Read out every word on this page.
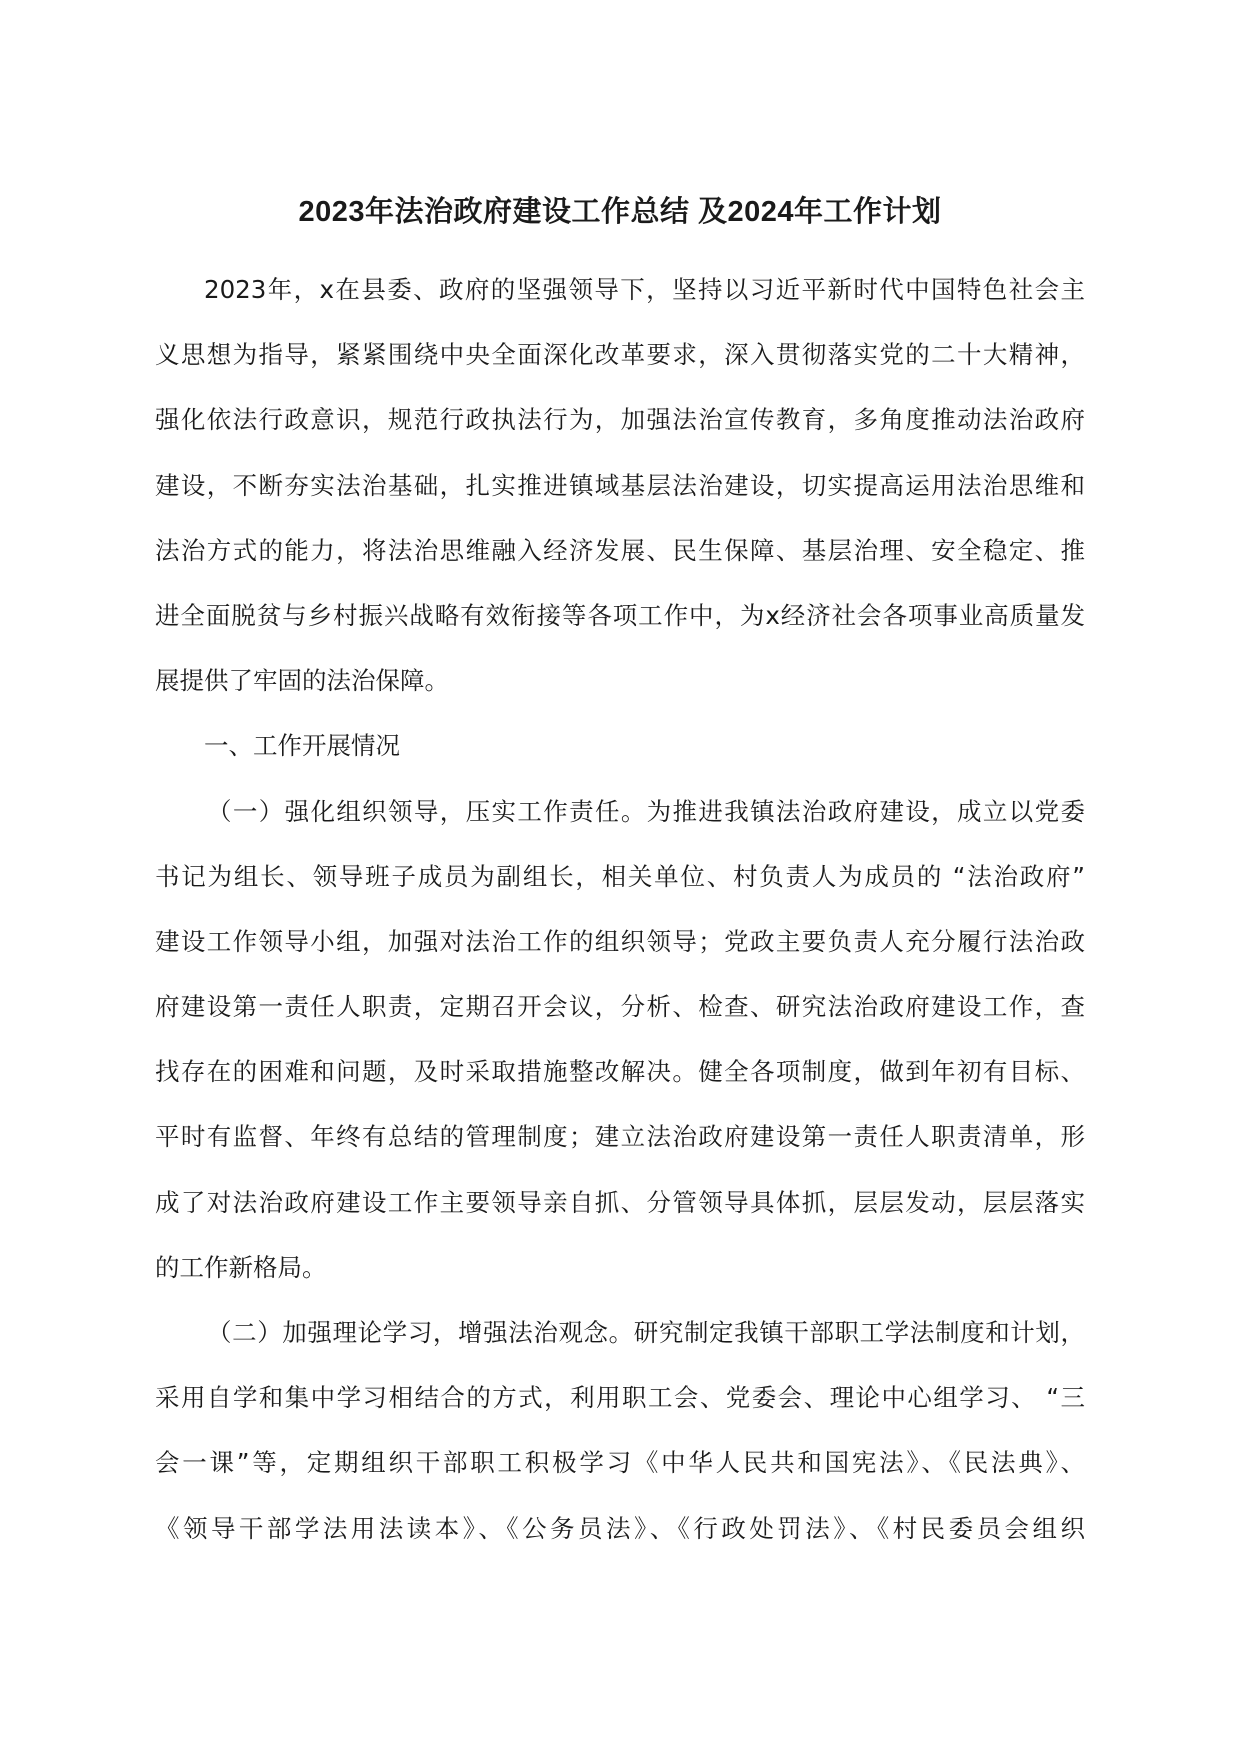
2023年法治政府建设工作总结 及2024年工作计划
2023年，x在县委、政府的坚强领导下，坚持以习近平新时代中国特色社会主
义思想为指导，紧紧围绕中央全面深化改革要求，深入贯彻落实党的二十大精神，
强化依法行政意识，规范行政执法行为，加强法治宣传教育，多角度推动法治政府
建设，不断夯实法治基础，扎实推进镇域基层法治建设，切实提高运用法治思维和
法治方式的能力，将法治思维融入经济发展、民生保障、基层治理、安全稳定、推
进全面脱贫与乡村振兴战略有效衔接等各项工作中，为x经济社会各项事业高质量发
展提供了牢固的法治保障。
一、工作开展情况
（一）强化组织领导，压实工作责任。为推进我镇法治政府建设，成立以党委
书记为组长、领导班子成员为副组长，相关单位、村负责人为成员的 “法治政府”
建设工作领导小组，加强对法治工作的组织领导；党政主要负责人充分履行法治政
府建设第一责任人职责，定期召开会议，分析、检查、研究法治政府建设工作，查
找存在的困难和问题，及时采取措施整改解决。健全各项制度，做到年初有目标、
平时有监督、年终有总结的管理制度；建立法治政府建设第一责任人职责清单，形
成了对法治政府建设工作主要领导亲自抓、分管领导具体抓，层层发动，层层落实
的工作新格局。
（二）加强理论学习，增强法治观念。研究制定我镇干部职工学法制度和计划，
采用自学和集中学习相结合的方式，利用职工会、党委会、理论中心组学习、 “三
会一课”等，定期组织干部职工积极学习《中华人民共和国宪法》、《民法典》、
《领导干部学法用法读本》、《公务员法》、《行政处罚法》、《村民委员会组织
